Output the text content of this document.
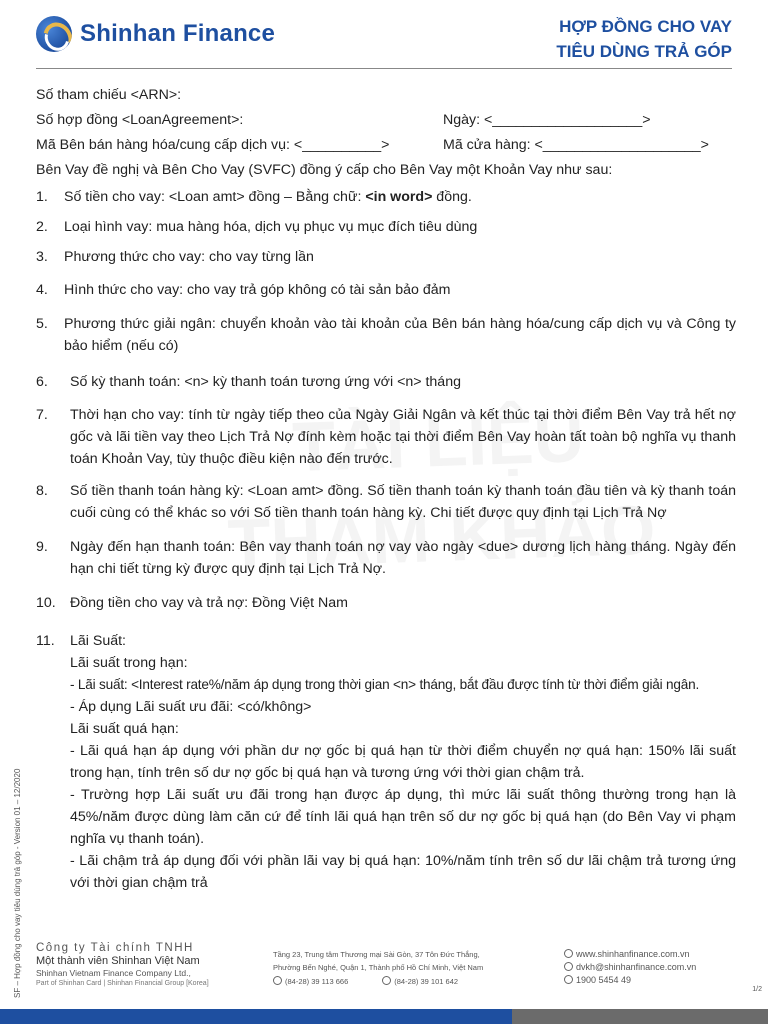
Shinhan Finance	HỢP ĐỒNG CHO VAY
TIÊU DÙNG TRẢ GÓP
Số tham chiếu <ARN>:
Số hợp đồng <LoanAgreement>:	Ngày: <___________________>
Mã Bên bán hàng hóa/cung cấp dịch vụ: <__________>	Mã cửa hàng: <____________________>
Bên Vay đề nghị và Bên Cho Vay (SVFC) đồng ý cấp cho Bên Vay một Khoản Vay như sau:
1.	Số tiền cho vay: <Loan amt> đồng – Bằng chữ: <in word> đồng.
2.	Loại hình vay: mua hàng hóa, dịch vụ phục vụ mục đích tiêu dùng
3.	Phương thức cho vay: cho vay từng lần
4.	Hình thức cho vay: cho vay trả góp không có tài sản bảo đảm
5.	Phương thức giải ngân: chuyển khoản vào tài khoản của Bên bán hàng hóa/cung cấp dịch vụ và Công ty bảo hiểm (nếu có)
6.	Số kỳ thanh toán: <n> kỳ thanh toán tương ứng với <n> tháng
7.	Thời hạn cho vay: tính từ ngày tiếp theo của Ngày Giải Ngân và kết thúc tại thời điểm Bên Vay trả hết nợ gốc và lãi tiền vay theo Lịch Trả Nợ đính kèm hoặc tại thời điểm Bên Vay hoàn tất toàn bộ nghĩa vụ thanh toán Khoản Vay, tùy thuộc điều kiện nào đến trước.
8.	Số tiền thanh toán hàng kỳ: <Loan amt> đồng. Số tiền thanh toán kỳ thanh toán đầu tiên và kỳ thanh toán cuối cùng có thể khác so với Số tiền thanh toán hàng kỳ. Chi tiết được quy định tại Lịch Trả Nợ
9.	Ngày đến hạn thanh toán: Bên vay thanh toán nợ vay vào ngày <due> dương lịch hàng tháng. Ngày đến hạn chi tiết từng kỳ được quy định tại Lịch Trả Nợ.
10.	Đồng tiền cho vay và trả nợ: Đồng Việt Nam
11.	Lãi Suất:
Lãi suất trong hạn:
- Lãi suất: <Interest rate%/năm áp dụng trong thời gian <n> tháng, bắt đầu được tính từ thời điểm giải ngân.
- Áp dụng Lãi suất ưu đãi: <có/không>
Lãi suất quá hạn:
- Lãi quá hạn áp dụng với phần dư nợ gốc bị quá hạn từ thời điểm chuyển nợ quá hạn: 150% lãi suất trong hạn, tính trên số dư nợ gốc bị quá hạn và tương ứng với thời gian chậm trả.
- Trường hợp Lãi suất ưu đãi trong hạn được áp dụng, thì mức lãi suất thông thường trong hạn là 45%/năm được dùng làm căn cứ để tính lãi quá hạn trên số dư nợ gốc bị quá hạn (do Bên Vay vi phạm nghĩa vụ thanh toán).
- Lãi chậm trả áp dụng đối với phần lãi vay bị quá hạn: 10%/năm tính trên số dư lãi chậm trả tương ứng với thời gian chậm trả
SF – Hợp đồng cho vay tiêu dùng trả góp - Version 01 – 12/2020 Công ty Tài chính TNHH
Một thành viên Shinhan Việt Nam
Shinhan Vietnam Finance Company Ltd.,
Part of Shinhan Card | Shinhan Financial Group [Korea]
Tầng 23, Trung tâm Thương mại Sài Gòn, 37 Tôn Đức Thắng,
Phường Bến Nghé, Quận 1, Thành phố Hồ Chí Minh, Việt Nam
(84-28) 39 113 666	(84-28) 39 101 642
www.shinhanfinance.com.vn
dvkh@shinhanfinance.com.vn
1900 5454 49
1/2
